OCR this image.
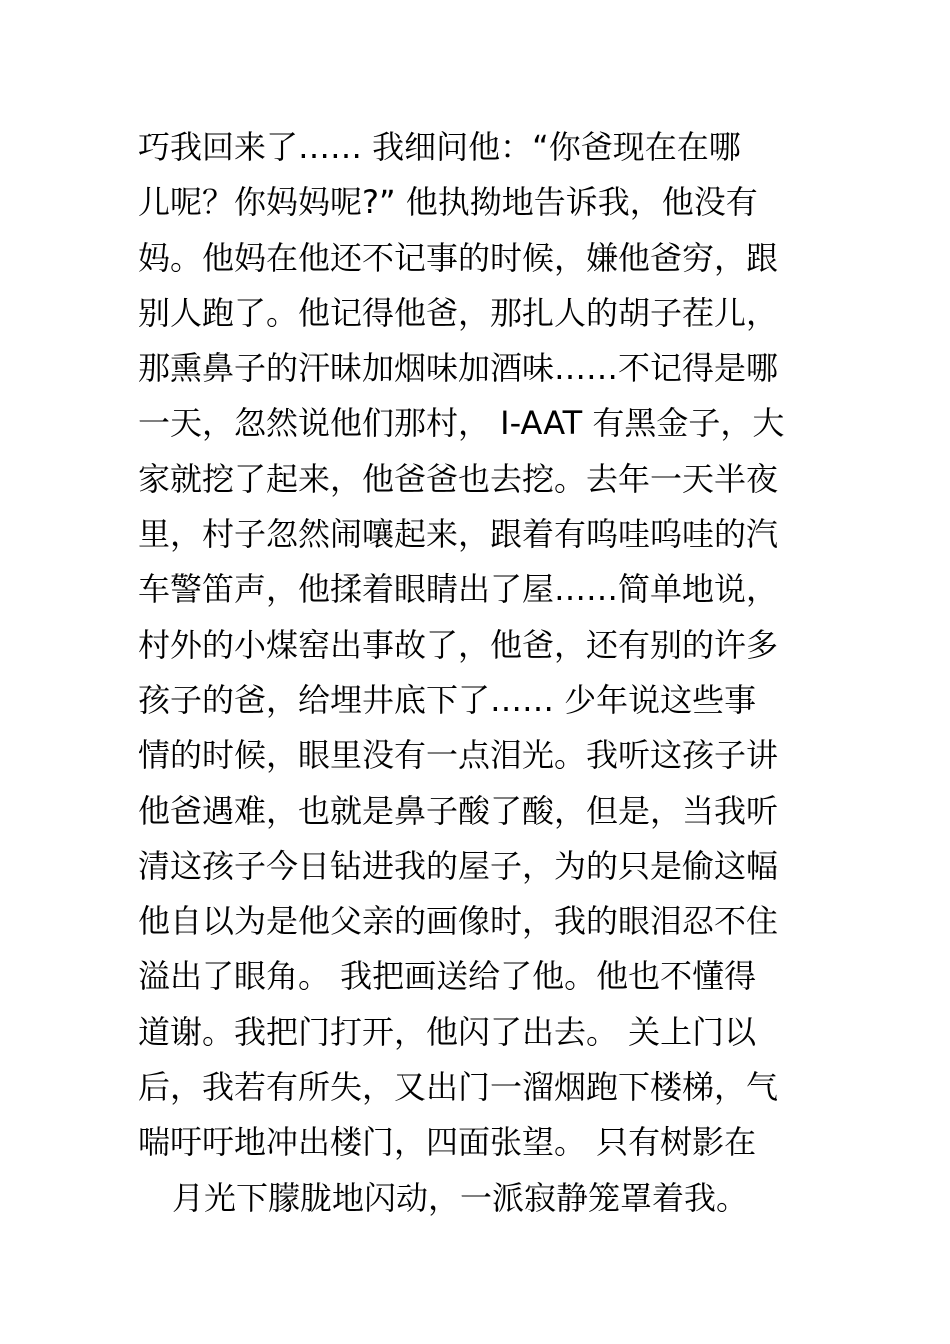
巧我回来了…… 我细问他：“你爸现在在哪
儿呢？你妈妈呢?” 他执拗地告诉我，他没有
妈。他妈在他还不记事的时候，嫌他爸穷，跟
别人跑了。他记得他爸，那扎人的胡子茬儿，
那熏鼻子的汗昧加烟味加酒味……不记得是哪
一天，忽然说他们那村， I-AAT 有黑金子，大
家就挖了起来，他爸爸也去挖。去年一天半夜
里，村子忽然闹嚷起来，跟着有呜哇呜哇的汽
车警笛声，他揉着眼睛出了屋……简单地说，
村外的小煤窑出事故了，他爸，还有别的许多
孩子的爸，给埋井底下了…… 少年说这些事
情的时候，眼里没有一点泪光。我听这孩子讲
他爸遇难，也就是鼻子酸了酸，但是，当我听
清这孩子今日钻进我的屋子，为的只是偷这幅
他自以为是他父亲的画像时，我的眼泪忍不住
溢出了眼角。 我把画送给了他。他也不懂得
道谢。我把门打开，他闪了出去。 关上门以
后，我若有所失，又出门一溜烟跑下楼梯，气
喘吁吁地冲出楼门，四面张望。 只有树影在
月光下朦胧地闪动，一派寂静笼罩着我。
